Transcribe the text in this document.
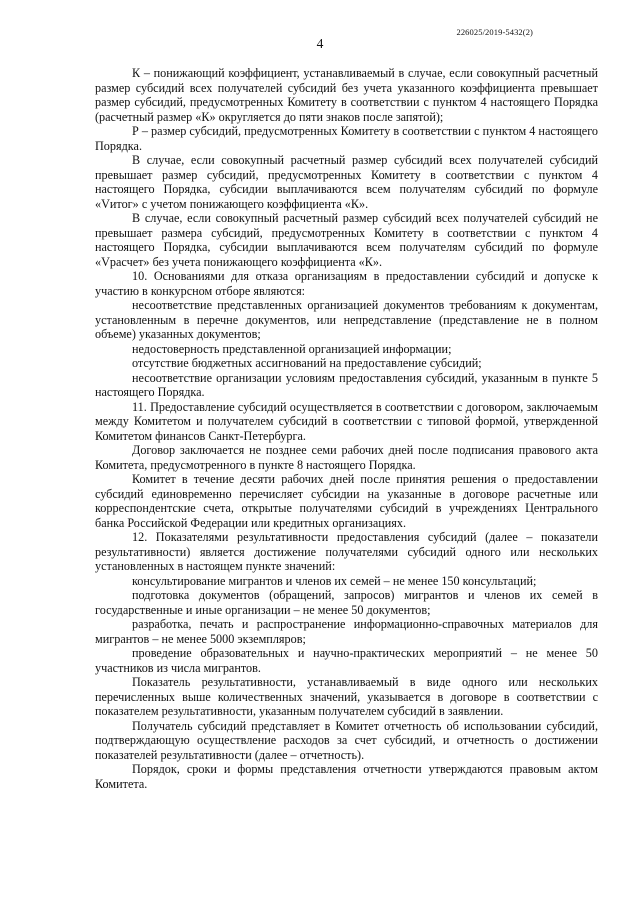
226025/2019-5432(2)
4

К – понижающий коэффициент, устанавливаемый в случае, если совокупный расчетный размер субсидий всех получателей субсидий без учета указанного коэффициента превышает размер субсидий, предусмотренных Комитету в соответствии с пунктом 4 настоящего Порядка (расчетный размер «К» округляется до пяти знаков после запятой);

Р – размер субсидий, предусмотренных Комитету в соответствии с пунктом 4 настоящего Порядка.

В случае, если совокупный расчетный размер субсидий всех получателей субсидий превышает размер субсидий, предусмотренных Комитету в соответствии с пунктом 4 настоящего Порядка, субсидии выплачиваются всем получателям субсидий по формуле «Vитог» с учетом понижающего коэффициента «К».

В случае, если совокупный расчетный размер субсидий всех получателей субсидий не превышает размера субсидий, предусмотренных Комитету в соответствии с пунктом 4 настоящего Порядка, субсидии выплачиваются всем получателям субсидий по формуле «Vрасчет» без учета понижающего коэффициента «К».

10. Основаниями для отказа организациям в предоставлении субсидий и допуске к участию в конкурсном отборе являются:

несоответствие представленных организацией документов требованиям к документам, установленным в перечне документов, или непредставление (представление не в полном объеме) указанных документов;

недостоверность представленной организацией информации;

отсутствие бюджетных ассигнований на предоставление субсидий;

несоответствие организации условиям предоставления субсидий, указанным в пункте 5 настоящего Порядка.

11. Предоставление субсидий осуществляется в соответствии с договором, заключаемым между Комитетом и получателем субсидий в соответствии с типовой формой, утвержденной Комитетом финансов Санкт-Петербурга.

Договор заключается не позднее семи рабочих дней после подписания правового акта Комитета, предусмотренного в пункте 8 настоящего Порядка.

Комитет в течение десяти рабочих дней после принятия решения о предоставлении субсидий единовременно перечисляет субсидии на указанные в договоре расчетные или корреспондентские счета, открытые получателями субсидий в учреждениях Центрального банка Российской Федерации или кредитных организациях.

12. Показателями результативности предоставления субсидий (далее – показатели результативности) является достижение получателями субсидий одного или нескольких установленных в настоящем пункте значений:

консультирование мигрантов и членов их семей – не менее 150 консультаций;

подготовка документов (обращений, запросов) мигрантов и членов их семей в государственные и иные организации – не менее 50 документов;

разработка, печать и распространение информационно-справочных материалов для мигрантов – не менее 5000 экземпляров;

проведение образовательных и научно-практических мероприятий – не менее 50 участников из числа мигрантов.

Показатель результативности, устанавливаемый в виде одного или нескольких перечисленных выше количественных значений, указывается в договоре в соответствии с показателем результативности, указанным получателем субсидий в заявлении.

Получатель субсидий представляет в Комитет отчетность об использовании субсидий, подтверждающую осуществление расходов за счет субсидий, и отчетность о достижении показателей результативности (далее – отчетность).

Порядок, сроки и формы представления отчетности утверждаются правовым актом Комитета.
